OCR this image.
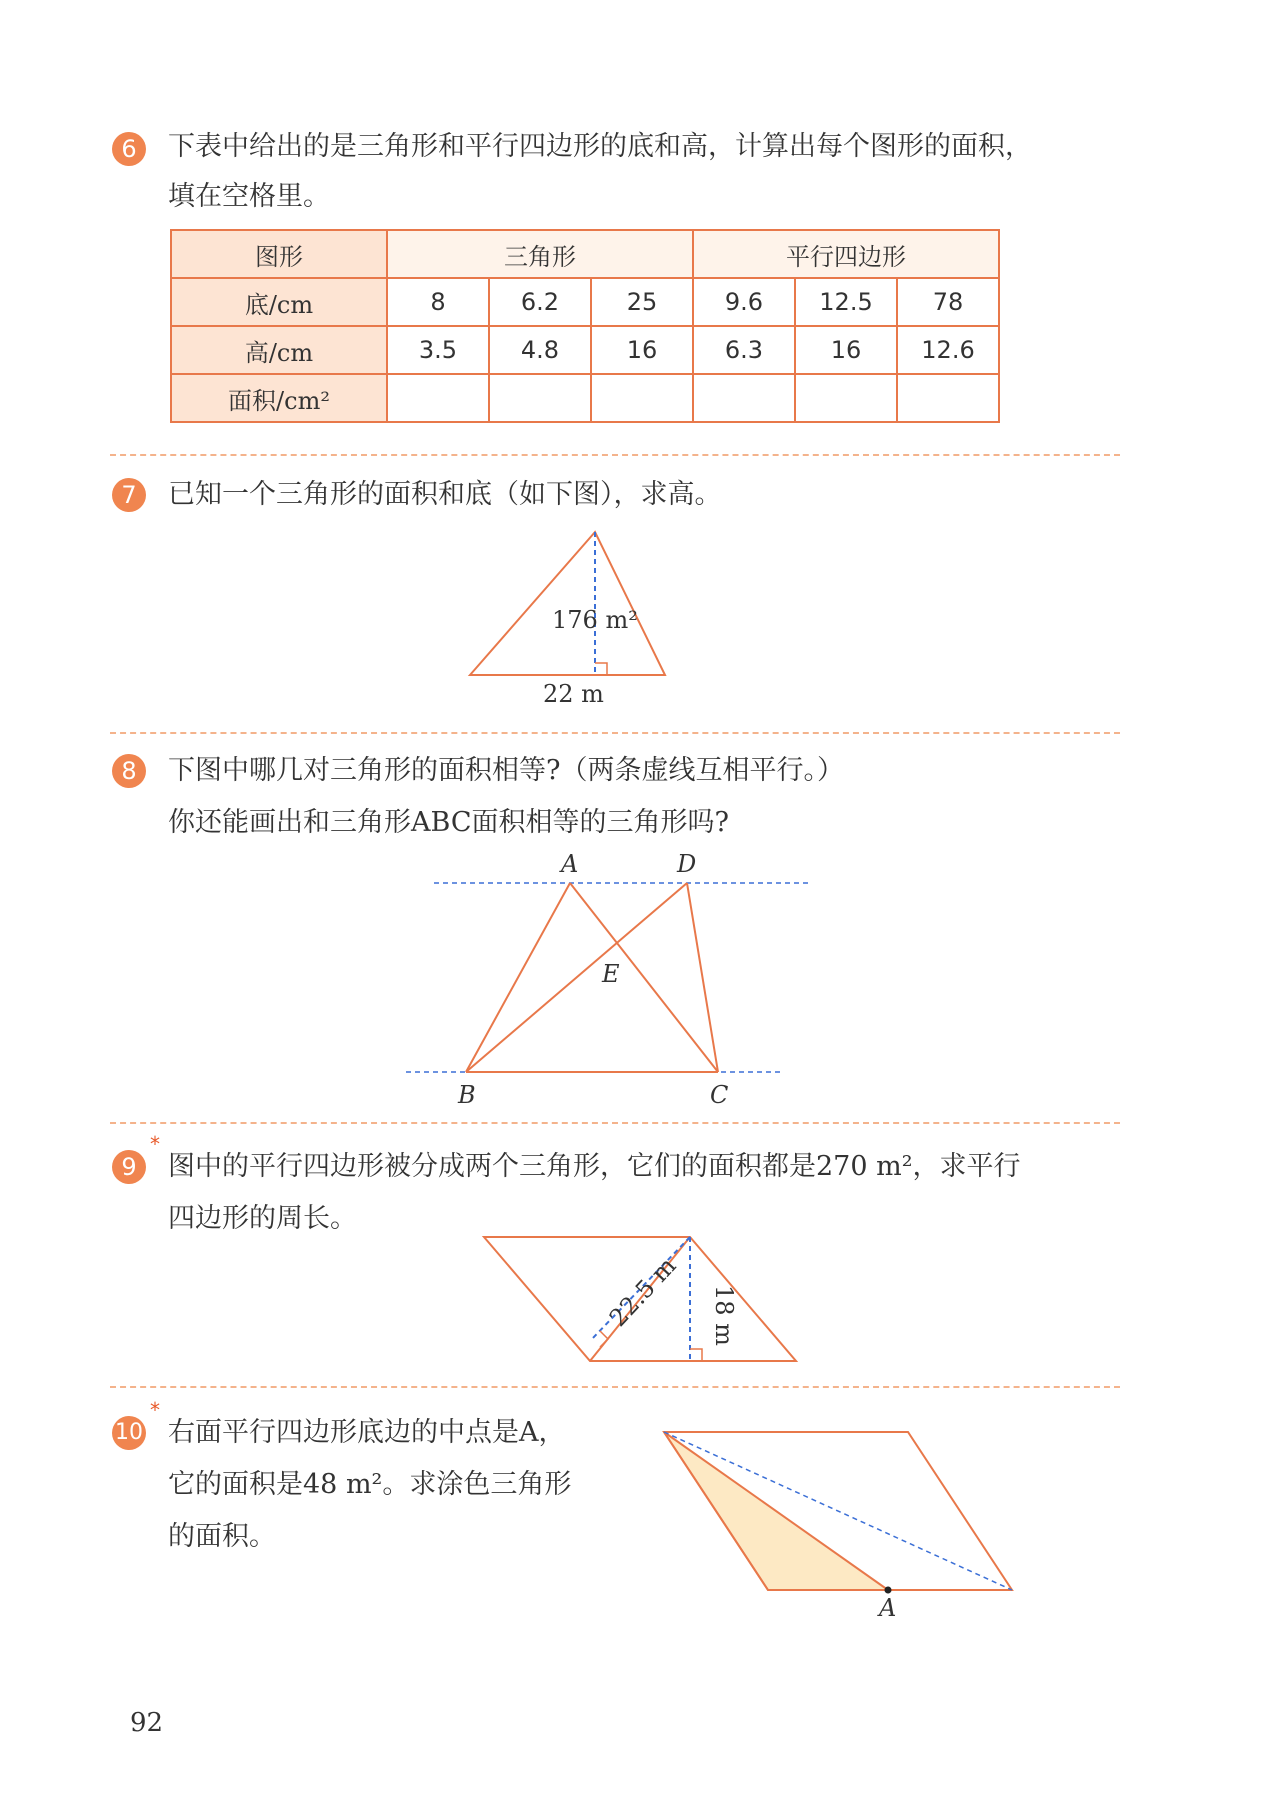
6	下表中给出的是三角形和平行四边形的底和高，计算出每个图形的面积，
填在空格里。
图形	三角形			平行四边形		
底/cm	8	6.2	25	9.6	12.5	78
高/cm	3.5	4.8	16	6.3	16	12.6
面积/cm²						
7	已知一个三角形的面积和底（如下图），求高。
176 m²
22 m
8	下图中哪几对三角形的面积相等?（两条虚线互相平行。）
你还能画出和三角形ABC面积相等的三角形吗?
A	D
E
B	C
9
*
图中的平行四边形被分成两个三角形，它们的面积都是270 m²，求平行
四边形的周长。
22.5 m 18 m
10
*
右面平行四边形底边的中点是A，
它的面积是48 m²。求涂色三角形
的面积。
A
92
